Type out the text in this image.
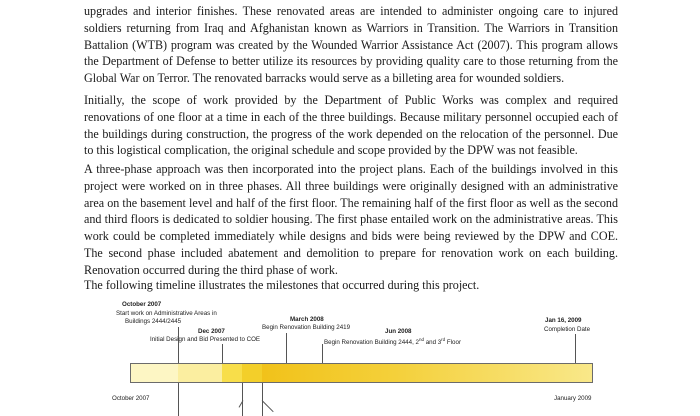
upgrades and interior finishes. These renovated areas are intended to administer ongoing care to injured soldiers returning from Iraq and Afghanistan known as Warriors in Transition. The Warriors in Transition Battalion (WTB) program was created by the Wounded Warrior Assistance Act (2007). This program allows the Department of Defense to better utilize its resources by providing quality care to those returning from the Global War on Terror. The renovated barracks would serve as a billeting area for wounded soldiers.

Initially, the scope of work provided by the Department of Public Works was complex and required renovations of one floor at a time in each of the three buildings. Because military personnel occupied each of the buildings during construction, the progress of the work depended on the relocation of the personnel. Due to this logistical complication, the original schedule and scope provided by the DPW was not feasible.

A three-phase approach was then incorporated into the project plans. Each of the buildings involved in this project were worked on in three phases. All three buildings were originally designed with an administrative area on the basement level and half of the first floor. The remaining half of the first floor as well as the second and third floors is dedicated to soldier housing. The first phase entailed work on the administrative areas. This work could be completed immediately while designs and bids were being reviewed by the DPW and COE. The second phase included abatement and demolition to prepare for renovation work on each building. Renovation occurred during the third phase of work.

The following timeline illustrates the milestones that occurred during this project.

October 2007
Start work on Administrative Areas in
Buildings 2444/2445
Dec 2007
Initial Design and Bid Presented to COE
March 2008
Begin Renovation Building 2419
Jun 2008
Begin Renovation Building 2444, 2nd and 3rd Floor
Jan 16, 2009
Completion Date
October 2007	January 2009
